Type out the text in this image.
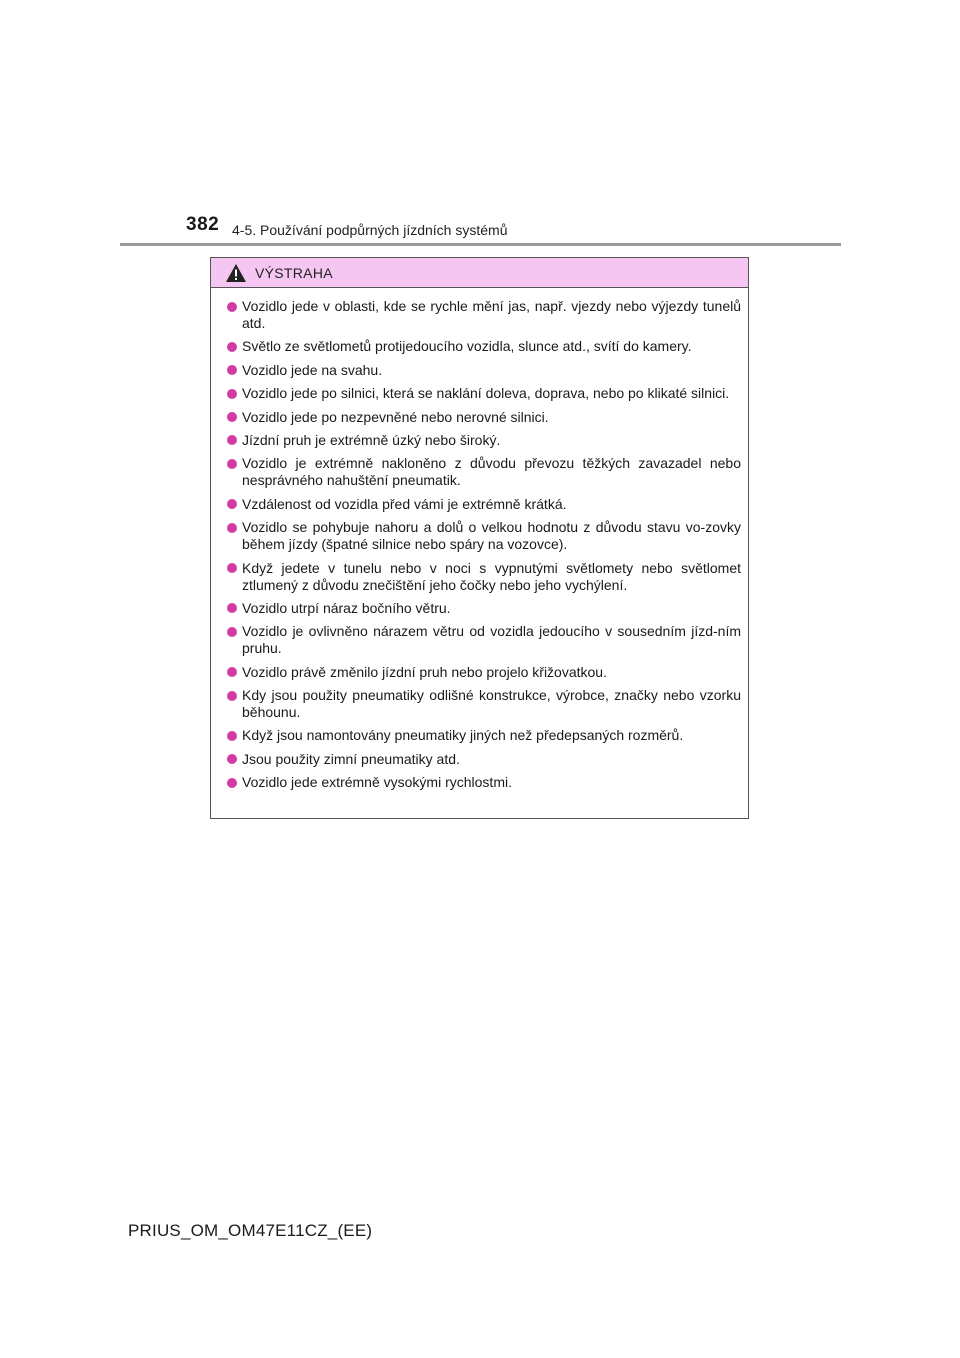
382 4-5. Používání podpůrných jízdních systémů
VÝSTRAHA
Vozidlo jede v oblasti, kde se rychle mění jas, např. vjezdy nebo výjezdy tunelů atd.
Světlo ze světlometů protijedoucího vozidla, slunce atd., svítí do kamery.
Vozidlo jede na svahu.
Vozidlo jede po silnici, která se naklání doleva, doprava, nebo po klikaté silnici.
Vozidlo jede po nezpevněné nebo nerovné silnici.
Jízdní pruh je extrémně úzký nebo široký.
Vozidlo je extrémně nakloněno z důvodu převozu těžkých zavazadel nebo nesprávného nahuštění pneumatik.
Vzdálenost od vozidla před vámi je extrémně krátká.
Vozidlo se pohybuje nahoru a dolů o velkou hodnotu z důvodu stavu vo-zovky během jízdy (špatné silnice nebo spáry na vozovce).
Když jedete v tunelu nebo v noci s vypnutými světlomety nebo světlomet ztlumený z důvodu znečištění jeho čočky nebo jeho vychýlení.
Vozidlo utrpí náraz bočního větru.
Vozidlo je ovlivněno nárazem větru od vozidla jedoucího v sousedním jízd-ním pruhu.
Vozidlo právě změnilo jízdní pruh nebo projelo křižovatkou.
Kdy jsou použity pneumatiky odlišné konstrukce, výrobce, značky nebo vzorku běhounu.
Když jsou namontovány pneumatiky jiných než předepsaných rozměrů.
Jsou použity zimní pneumatiky atd.
Vozidlo jede extrémně vysokými rychlostmi.
PRIUS_OM_OM47E11CZ_(EE)
